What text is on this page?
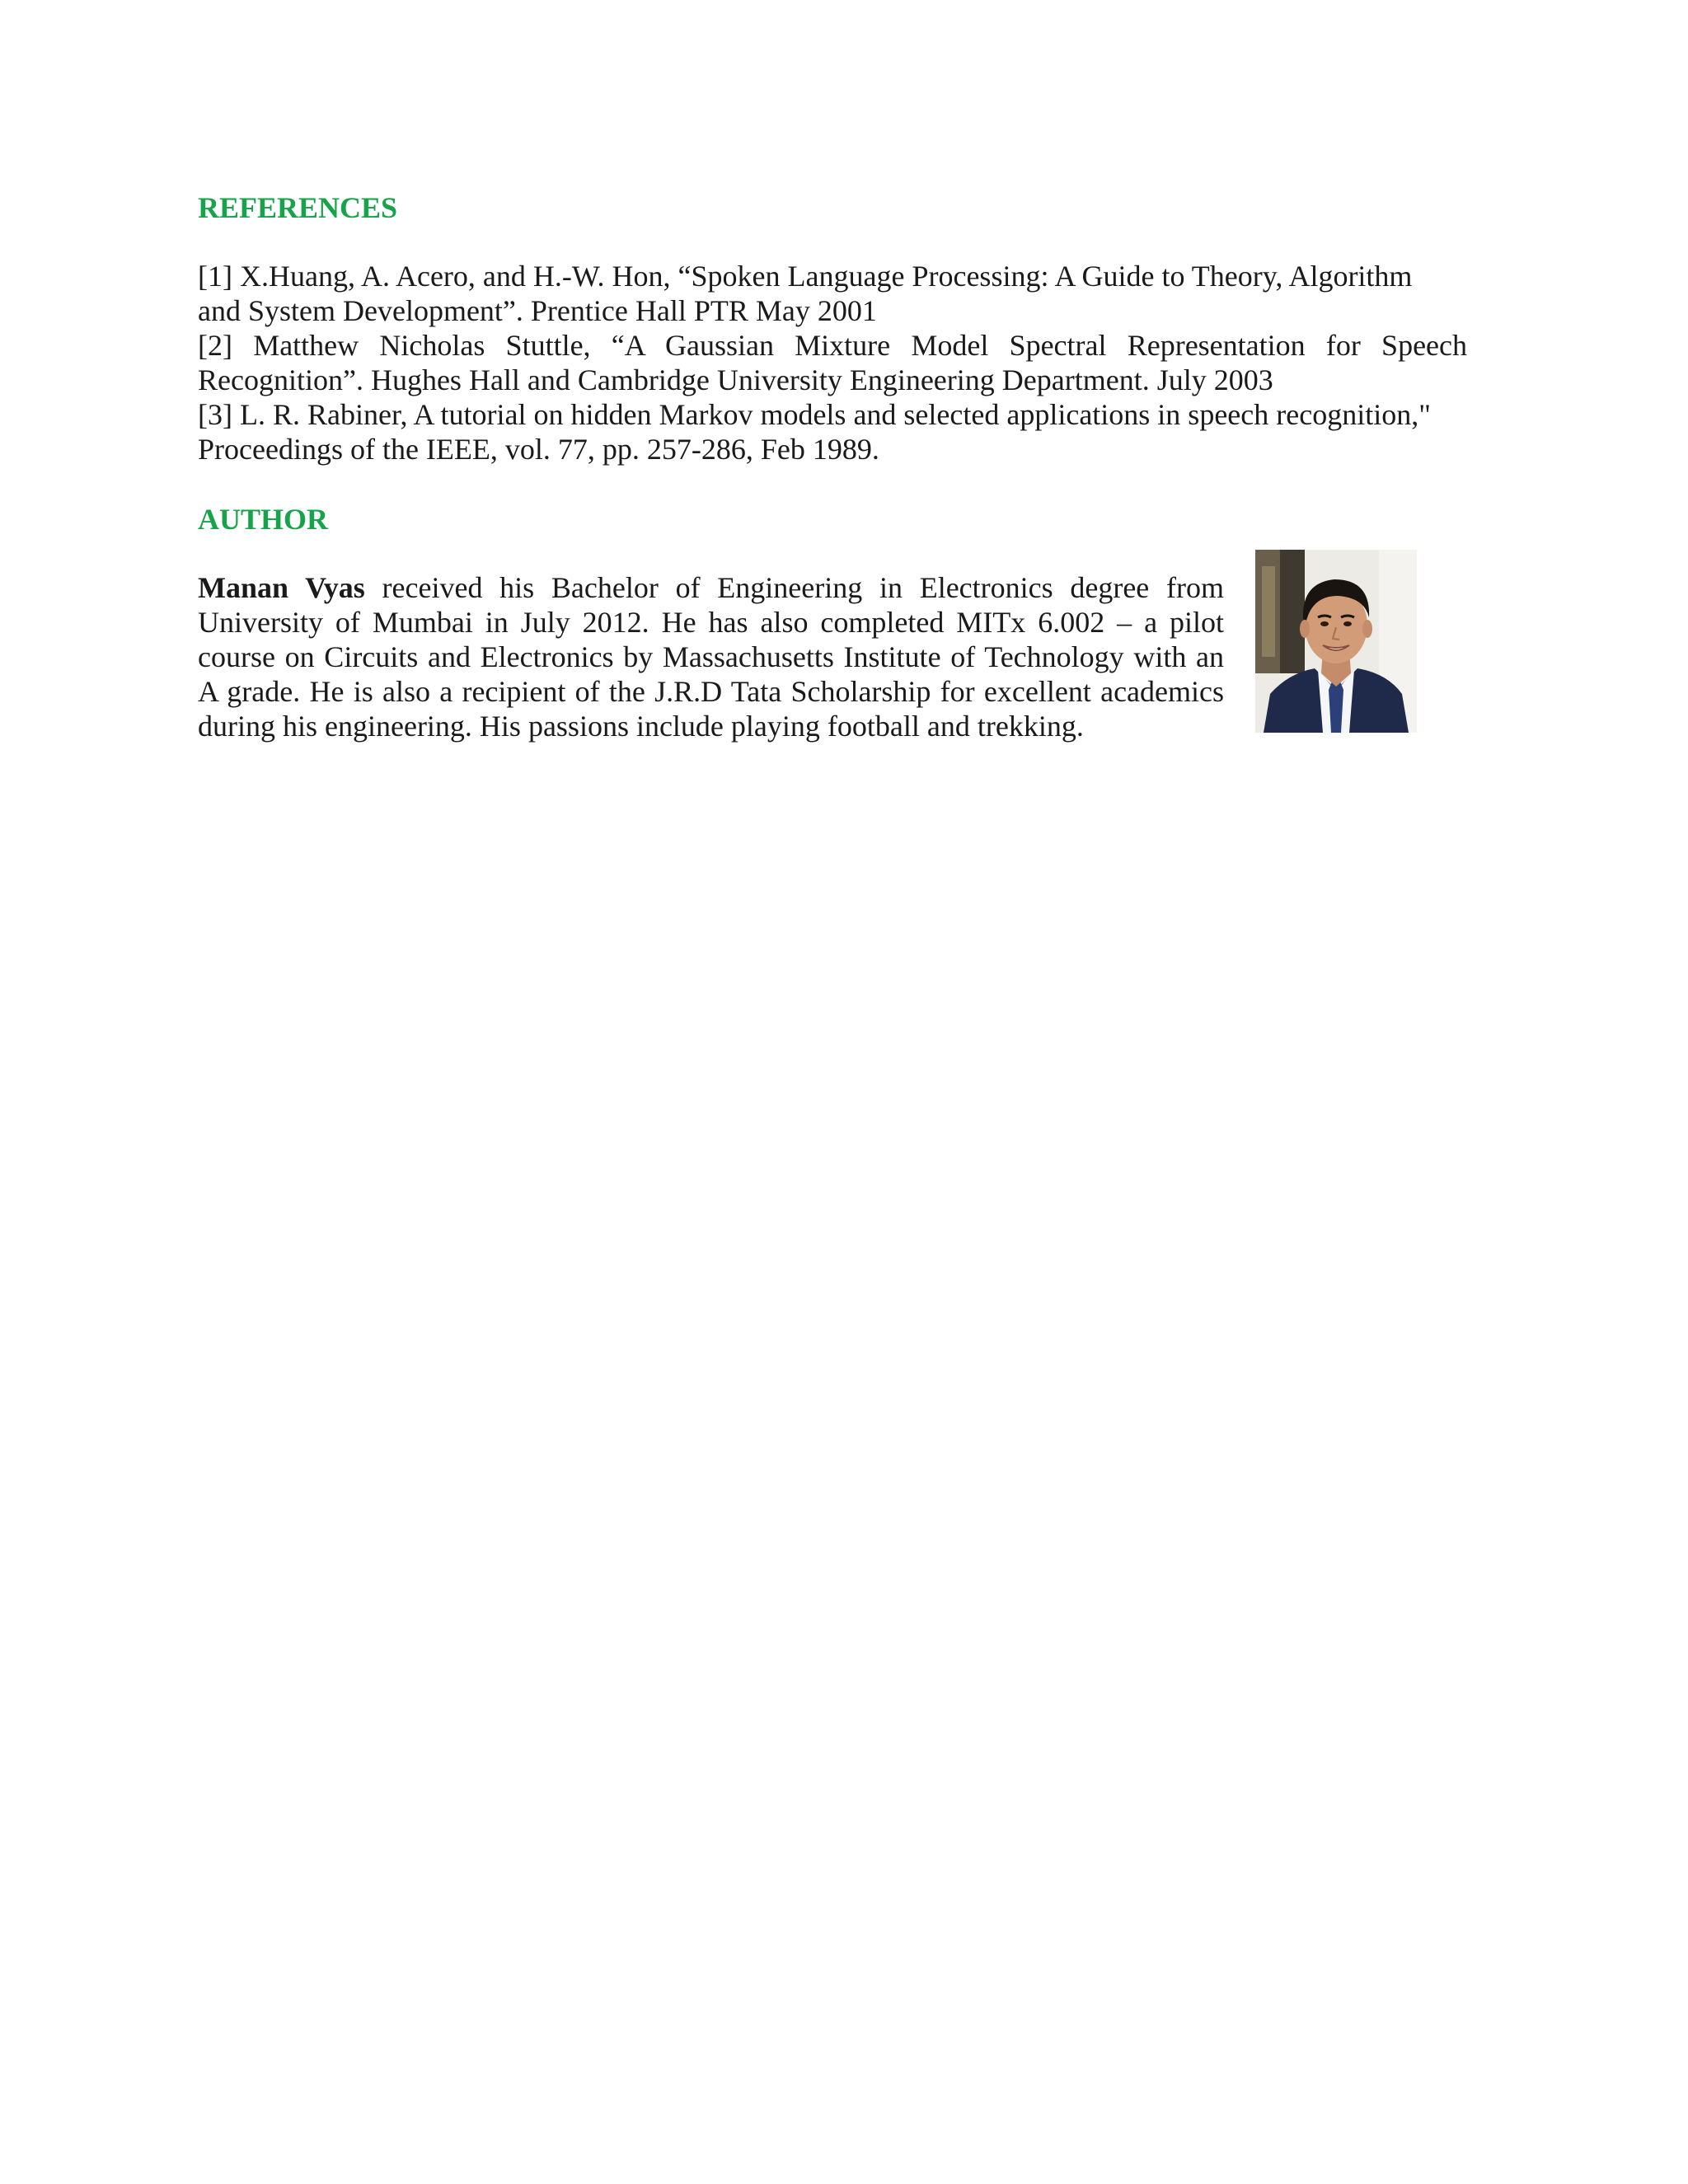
REFERENCES

[1] X.Huang, A. Acero, and H.-W. Hon, “Spoken Language Processing: A Guide to Theory, Algorithm
and System Development”. Prentice Hall PTR May 2001

[2] Matthew Nicholas Stuttle, “A Gaussian Mixture Model Spectral Representation for Speech
Recognition”. Hughes Hall and Cambridge University Engineering Department. July 2003

[3] L. R. Rabiner, A tutorial on hidden Markov models and selected applications in speech recognition,"
Proceedings of the IEEE, vol. 77, pp. 257-286, Feb 1989.

AUTHOR
Manan Vyas received his Bachelor of Engineering in Electronics degree from
University of Mumbai in July 2012. He has also completed MITx 6.002 – a pilot
course on Circuits and Electronics by Massachusetts Institute of Technology with an
A grade. He is also a recipient of the J.R.D Tata Scholarship for excellent academics
during his engineering. His passions include playing football and trekking.
